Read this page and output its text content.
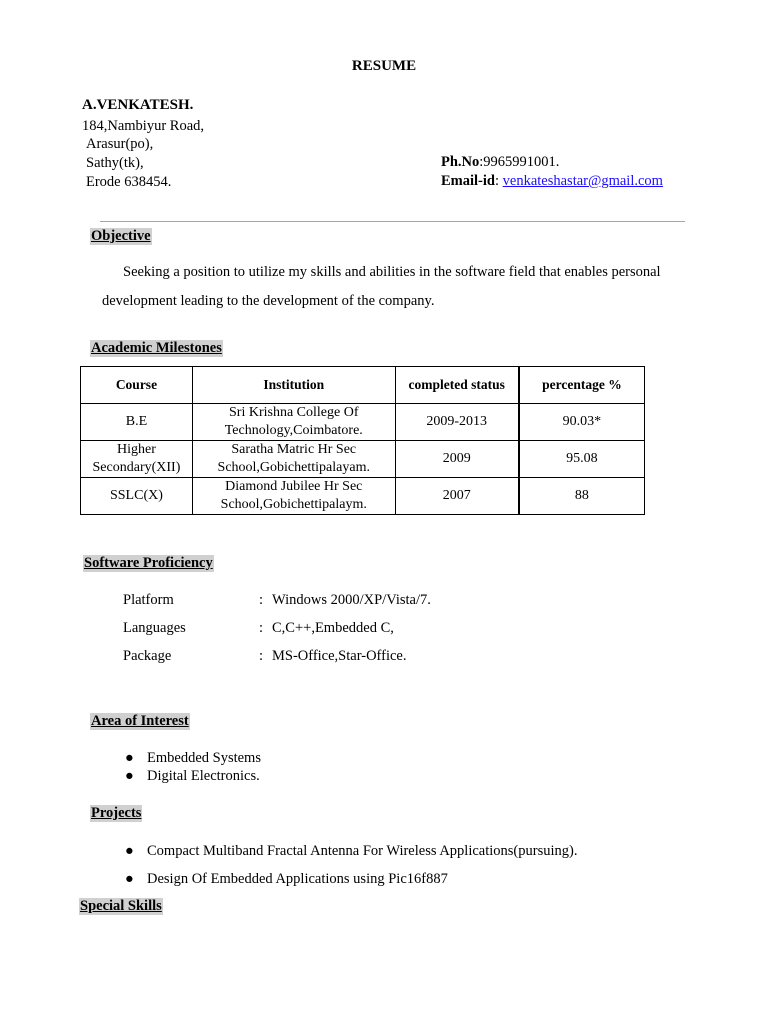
RESUME
A.VENKATESH.
184,Nambiyur Road,
Arasur(po),
Sathy(tk),
Erode 638454.
Ph.No:9965991001.
Email-id: venkateshastar@gmail.com
Objective
Seeking a position to utilize my skills and abilities in the software field that enables personal development leading to the development of the company.
Academic Milestones
Course	Institution	completed status	percentage %
B.E	Sri Krishna College Of Technology,Coimbatore.	2009-2013	90.03*
Higher Secondary(XII)	Saratha Matric Hr Sec School,Gobichettipalayam.	2009	95.08
SSLC(X)	Diamond Jubilee Hr Sec School,Gobichettipalaym.	2007	88
Software Proficiency
Platform	: Windows 2000/XP/Vista/7.
Languages	: C,C++,Embedded C,
Package	: MS-Office,Star-Office.
Area of Interest
● Embedded Systems
● Digital Electronics.
Projects
● Compact Multiband Fractal Antenna For Wireless Applications(pursuing).
● Design Of Embedded Applications using Pic16f887
Special Skills
